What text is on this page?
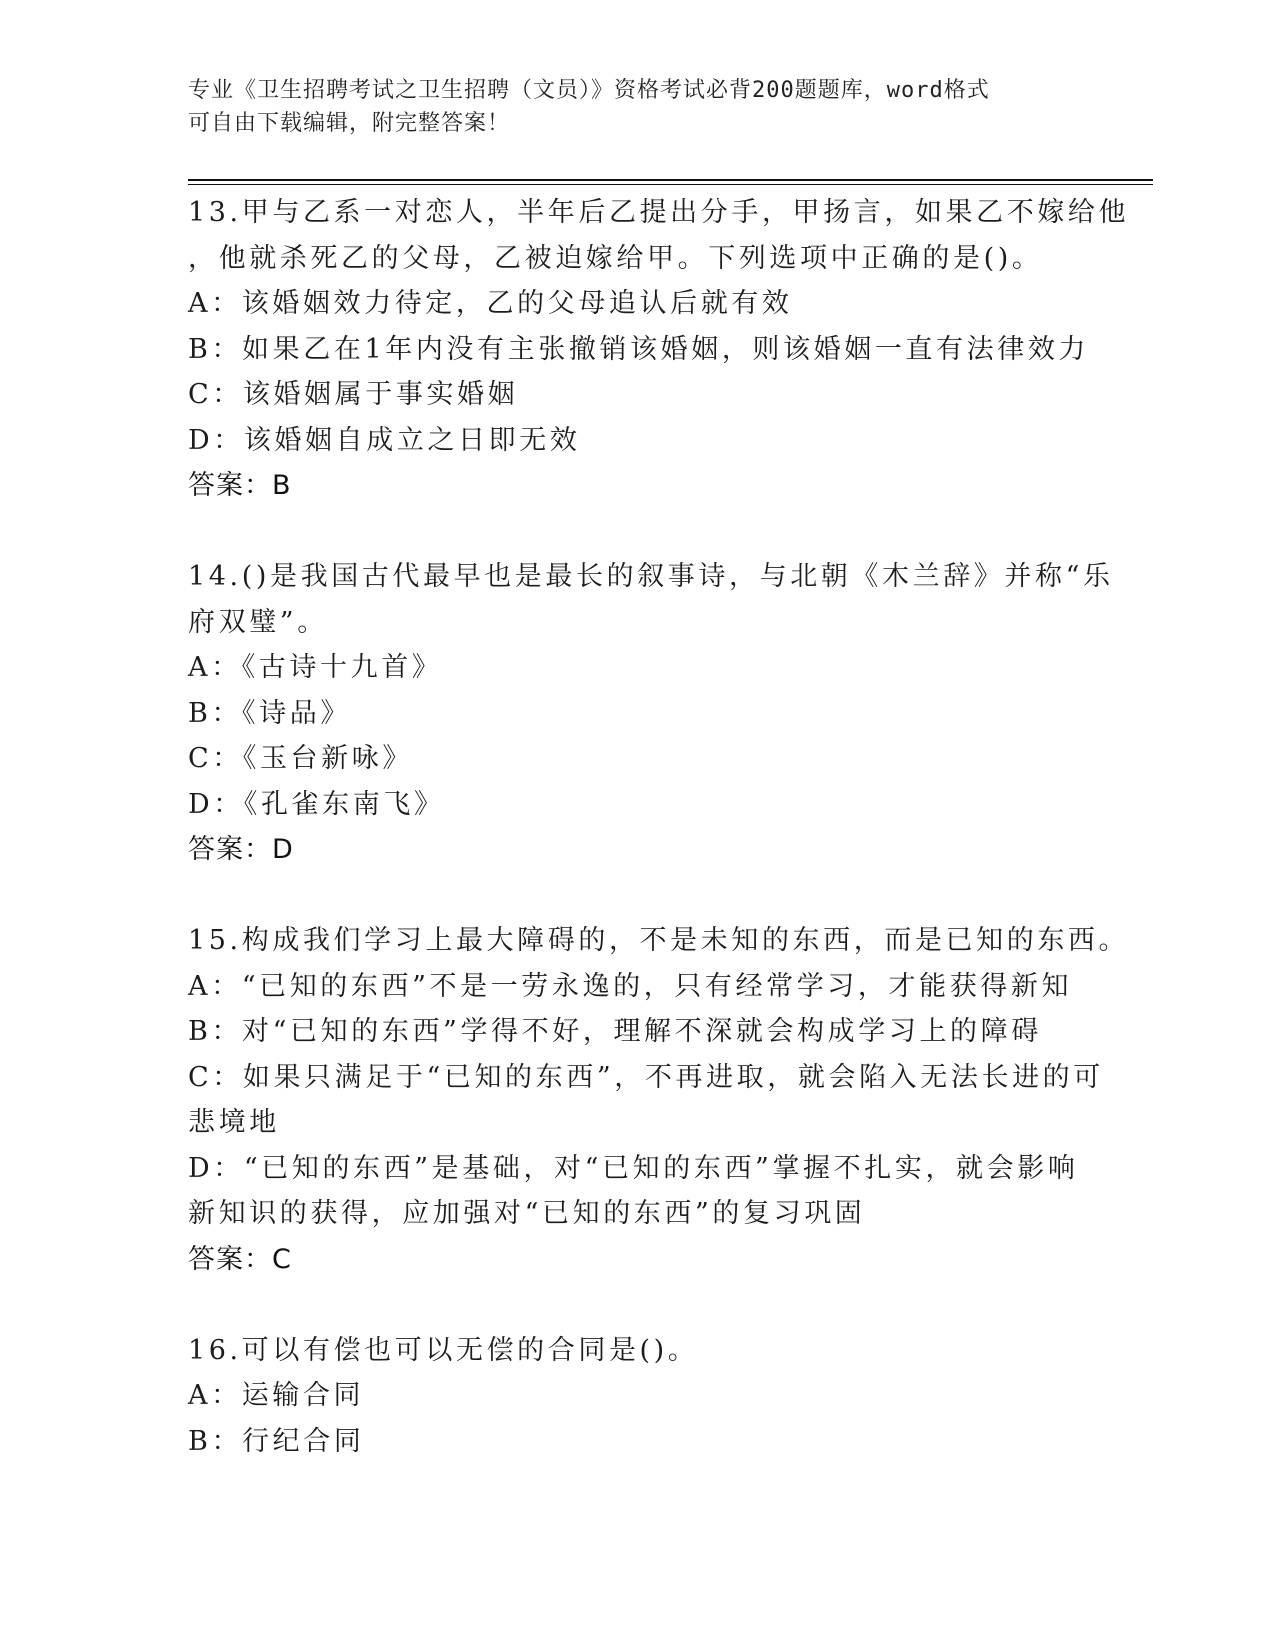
专业《卫生招聘考试之卫生招聘（文员）》资格考试必背200题题库，word格式
可自由下载编辑，附完整答案！
13.甲与乙系一对恋人，半年后乙提出分手，甲扬言，如果乙不嫁给他
，他就杀死乙的父母，乙被迫嫁给甲。下列选项中正确的是()。
A：该婚姻效力待定，乙的父母追认后就有效
B：如果乙在1年内没有主张撤销该婚姻，则该婚姻一直有法律效力
C：该婚姻属于事实婚姻
D：该婚姻自成立之日即无效
答案：B
14.()是我国古代最早也是最长的叙事诗，与北朝《木兰辞》并称“乐
府双璧”。
A：《古诗十九首》
B：《诗品》
C：《玉台新咏》
D：《孔雀东南飞》
答案：D
15.构成我们学习上最大障碍的，不是未知的东西，而是已知的东西。
A：“已知的东西”不是一劳永逸的，只有经常学习，才能获得新知
B：对“已知的东西”学得不好，理解不深就会构成学习上的障碍
C：如果只满足于“已知的东西”，不再进取，就会陷入无法长进的可
悲境地
D：“已知的东西”是基础，对“已知的东西”掌握不扎实，就会影响
新知识的获得，应加强对“已知的东西”的复习巩固
答案：C
16.可以有偿也可以无偿的合同是()。
A：运输合同
B：行纪合同
